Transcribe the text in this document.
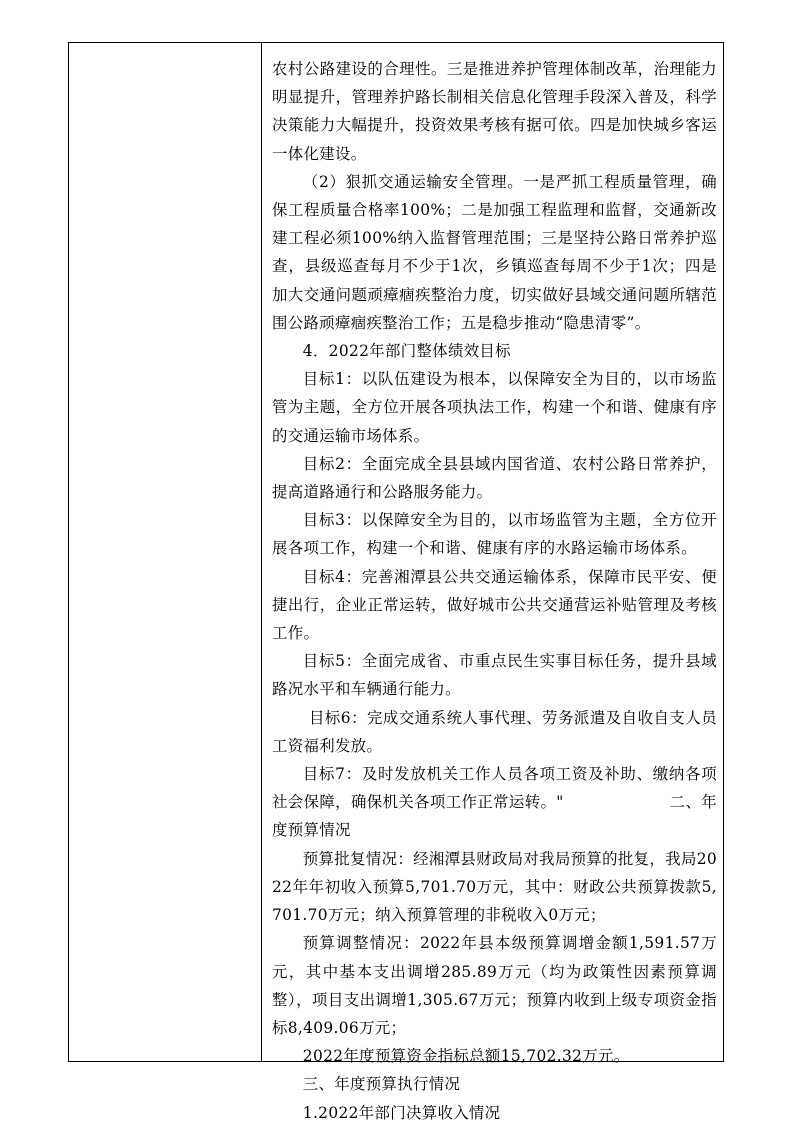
农村公路建设的合理性。三是推进养护管理体制改革，治理能力明显提升，管理养护路长制相关信息化管理手段深入普及，科学决策能力大幅提升，投资效果考核有据可依。四是加快城乡客运一体化建设。

（2）狠抓交通运输安全管理。一是严抓工程质量管理，确保工程质量合格率100%；二是加强工程监理和监督，交通新改建工程必须100%纳入监督管理范围；三是坚持公路日常养护巡查，县级巡查每月不少于1次，乡镇巡查每周不少于1次；四是加大交通问题顽瘴痼疾整治力度，切实做好县域交通问题所辖范围公路顽瘴痼疾整治工作；五是稳步推动“隐患清零”。

4．2022年部门整体绩效目标

目标1：以队伍建设为根本，以保障安全为目的，以市场监管为主题，全方位开展各项执法工作，构建一个和谐、健康有序的交通运输市场体系。

目标2：全面完成全县县域内国省道、农村公路日常养护，提高道路通行和公路服务能力。

目标3：以保障安全为目的，以市场监管为主题，全方位开展各项工作，构建一个和谐、健康有序的水路运输市场体系。

目标4：完善湘潭县公共交通运输体系，保障市民平安、便捷出行，企业正常运转，做好城市公共交通营运补贴管理及考核工作。

目标5：全面完成省、市重点民生实事目标任务，提升县域路况水平和车辆通行能力。

目标6：完成交通系统人事代理、劳务派遣及自收自支人员工资福利发放。

目标7：及时发放机关工作人员各项工资及补助、缴纳各项社会保障，确保机关各项工作正常运转。"                    二、年度预算情况

预算批复情况：经湘潭县财政局对我局预算的批复，我局2022年年初收入预算5,701.70万元，其中：财政公共预算拨款5,701.70万元；纳入预算管理的非税收入0万元；

预算调整情况：2022年县本级预算调增金额1,591.57万元，其中基本支出调增285.89万元（均为政策性因素预算调整），项目支出调增1,305.67万元；预算内收到上级专项资金指标8,409.06万元；

2022年度预算资金指标总额15,702.32万元。

三、年度预算执行情况

1.2022年部门决算收入情况
